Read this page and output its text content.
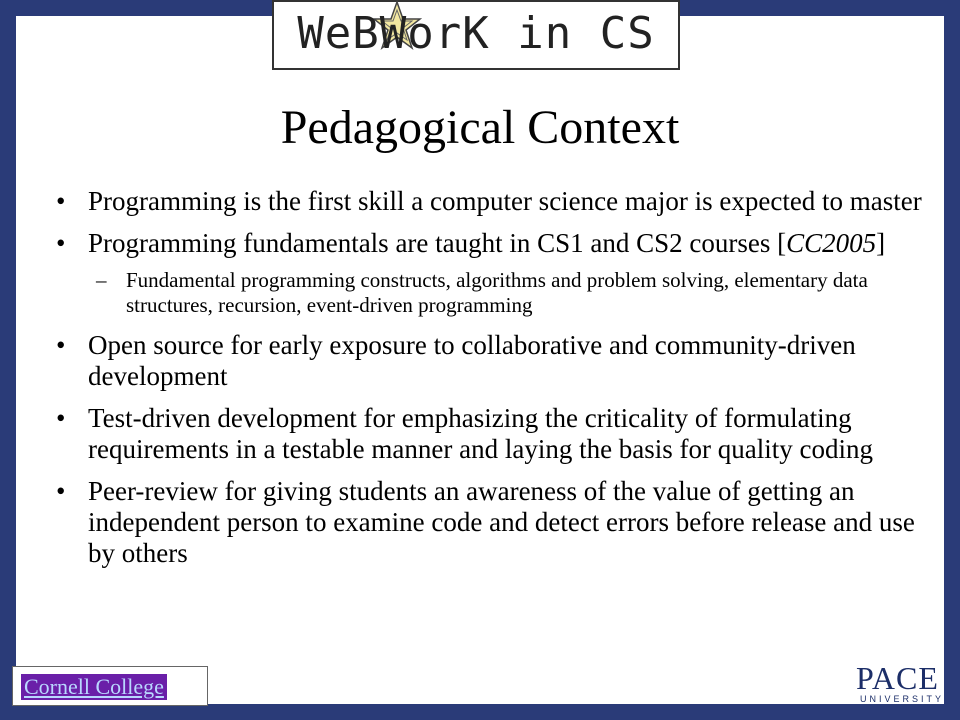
WeBWorK in CS
Pedagogical Context
• Programming is the first skill a computer science major is expected to master
• Programming fundamentals are taught in CS1 and CS2 courses [CC2005]
– Fundamental programming constructs, algorithms and problem solving, elementary data structures, recursion, event-driven programming
• Open source for early exposure to collaborative and community-driven development
• Test-driven development for emphasizing the criticality of formulating requirements in a testable manner and laying the basis for quality coding
• Peer-review for giving students an awareness of the value of getting an independent person to examine code and detect errors before release and use by others
Cornell College	PACE
UNIVERSITY
